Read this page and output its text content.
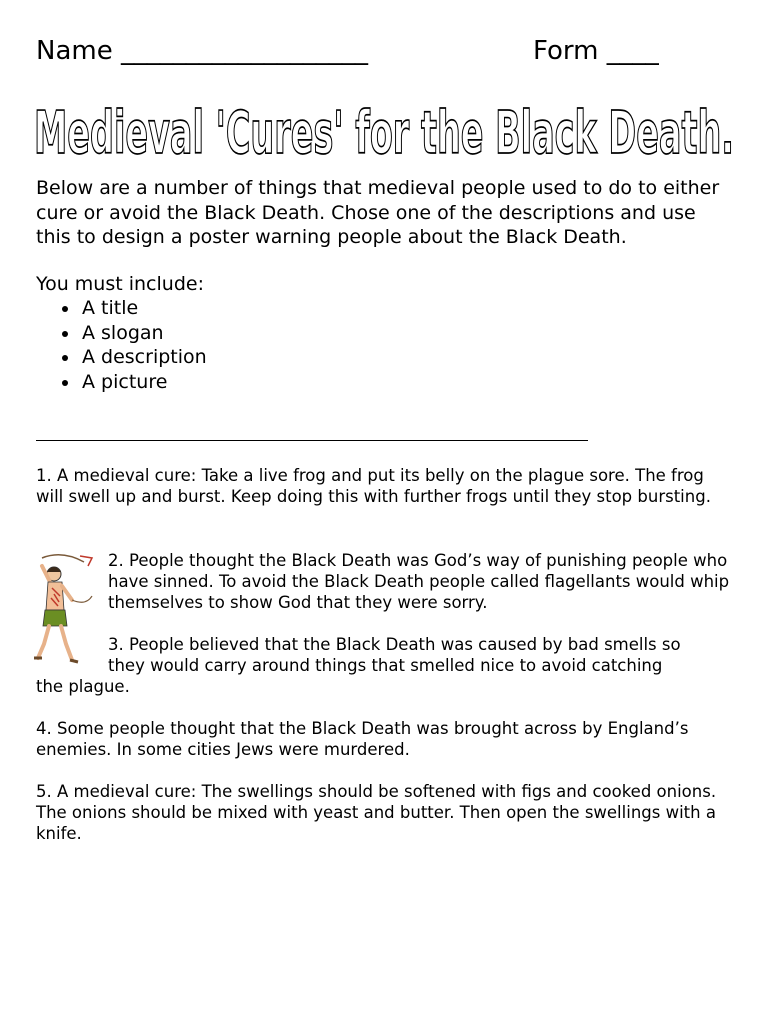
Name ___________________	Form ____
Medieval 'Cures' for the Black Death.

Below are a number of things that medieval people used to do to either cure or avoid the Black Death. Chose one of the descriptions and use this to design a poster warning people about the Black Death.

You must include:

• A title
• A slogan
• A description
• A picture
1. A medieval cure: Take a live frog and put its belly on the plague sore. The frog will swell up and burst. Keep doing this with further frogs until they stop bursting.
2. People thought the Black Death was God’s way of punishing people who have sinned. To avoid the Black Death people called flagellants would whip themselves to show God that they were sorry.
3. People believed that the Black Death was caused by bad smells so
they would carry around things that smelled nice to avoid catching
the plague.
4. Some people thought that the Black Death was brought across by England’s enemies. In some cities Jews were murdered.
5. A medieval cure: The swellings should be softened with figs and cooked onions. The onions should be mixed with yeast and butter. Then open the swellings with a knife.
